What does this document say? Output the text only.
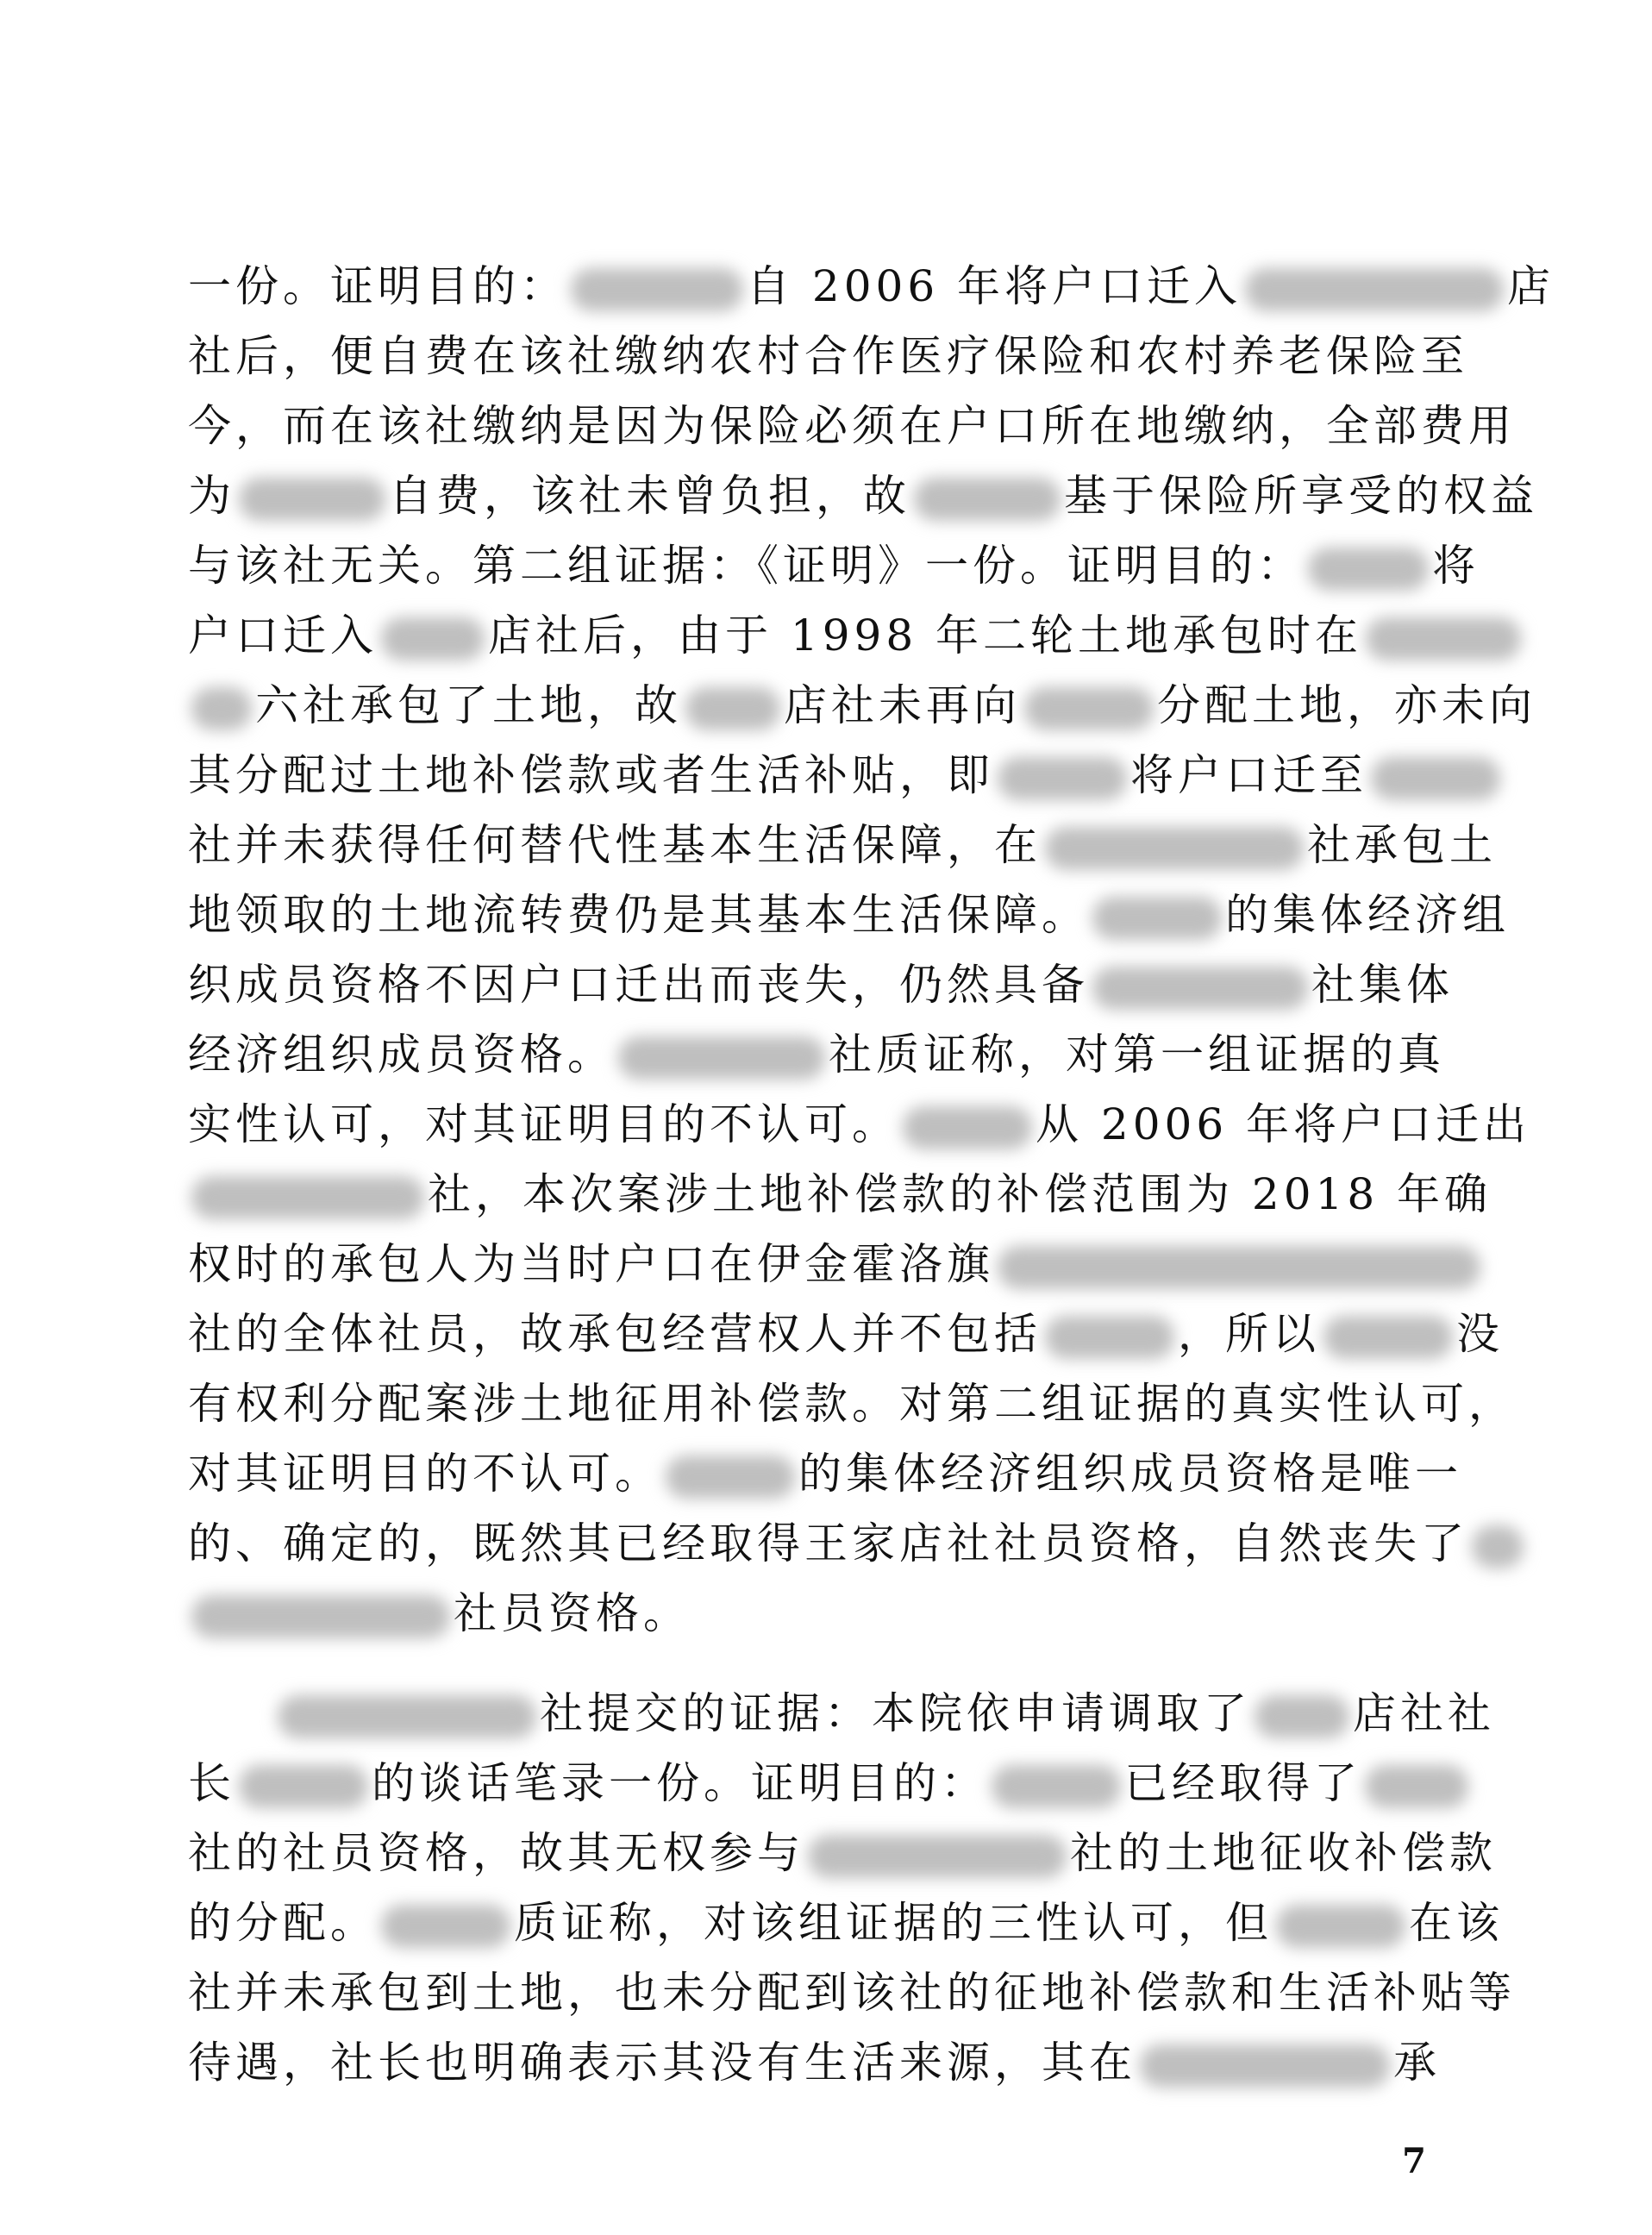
一份。证明目的：	自 2006 年将户口迁入	店
社后，便自费在该社缴纳农村合作医疗保险和农村养老保险至
今，而在该社缴纳是因为保险必须在户口所在地缴纳，全部费用
为	自费，该社未曾负担，故	基于保险所享受的权益
与该社无关。第二组证据：《证明》一份。证明目的：	将
户口迁入	店社后，由于 1998 年二轮土地承包时在
六社承包了土地，故 店社未再向	分配土地，亦未向
其分配过土地补偿款或者生活补贴，即	将户口迁至
社并未获得任何替代性基本生活保障，在	社承包土
地领取的土地流转费仍是其基本生活保障。	的集体经济组
织成员资格不因户口迁出而丧失，仍然具备	社集体
经济组织成员资格。	社质证称，对第一组证据的真
实性认可，对其证明目的不认可。	从 2006 年将户口迁出
社，本次案涉土地补偿款的补偿范围为 2018 年确
权时的承包人为当时户口在伊金霍洛旗
社的全体社员，故承包经营权人并不包括	，所以	没
有权利分配案涉土地征用补偿款。对第二组证据的真实性认可，
对其证明目的不认可。	的集体经济组织成员资格是唯一
的、确定的，既然其已经取得王家店社社员资格，自然丧失了
社员资格。
社提交的证据：本院依申请调取了 店社社
长	的谈话笔录一份。证明目的：	已经取得了
社的社员资格，故其无权参与	社的土地征收补偿款
的分配。	质证称，对该组证据的三性认可，但	在该
社并未承包到土地，也未分配到该社的征地补偿款和生活补贴等
待遇，社长也明确表示其没有生活来源，其在	承
7
